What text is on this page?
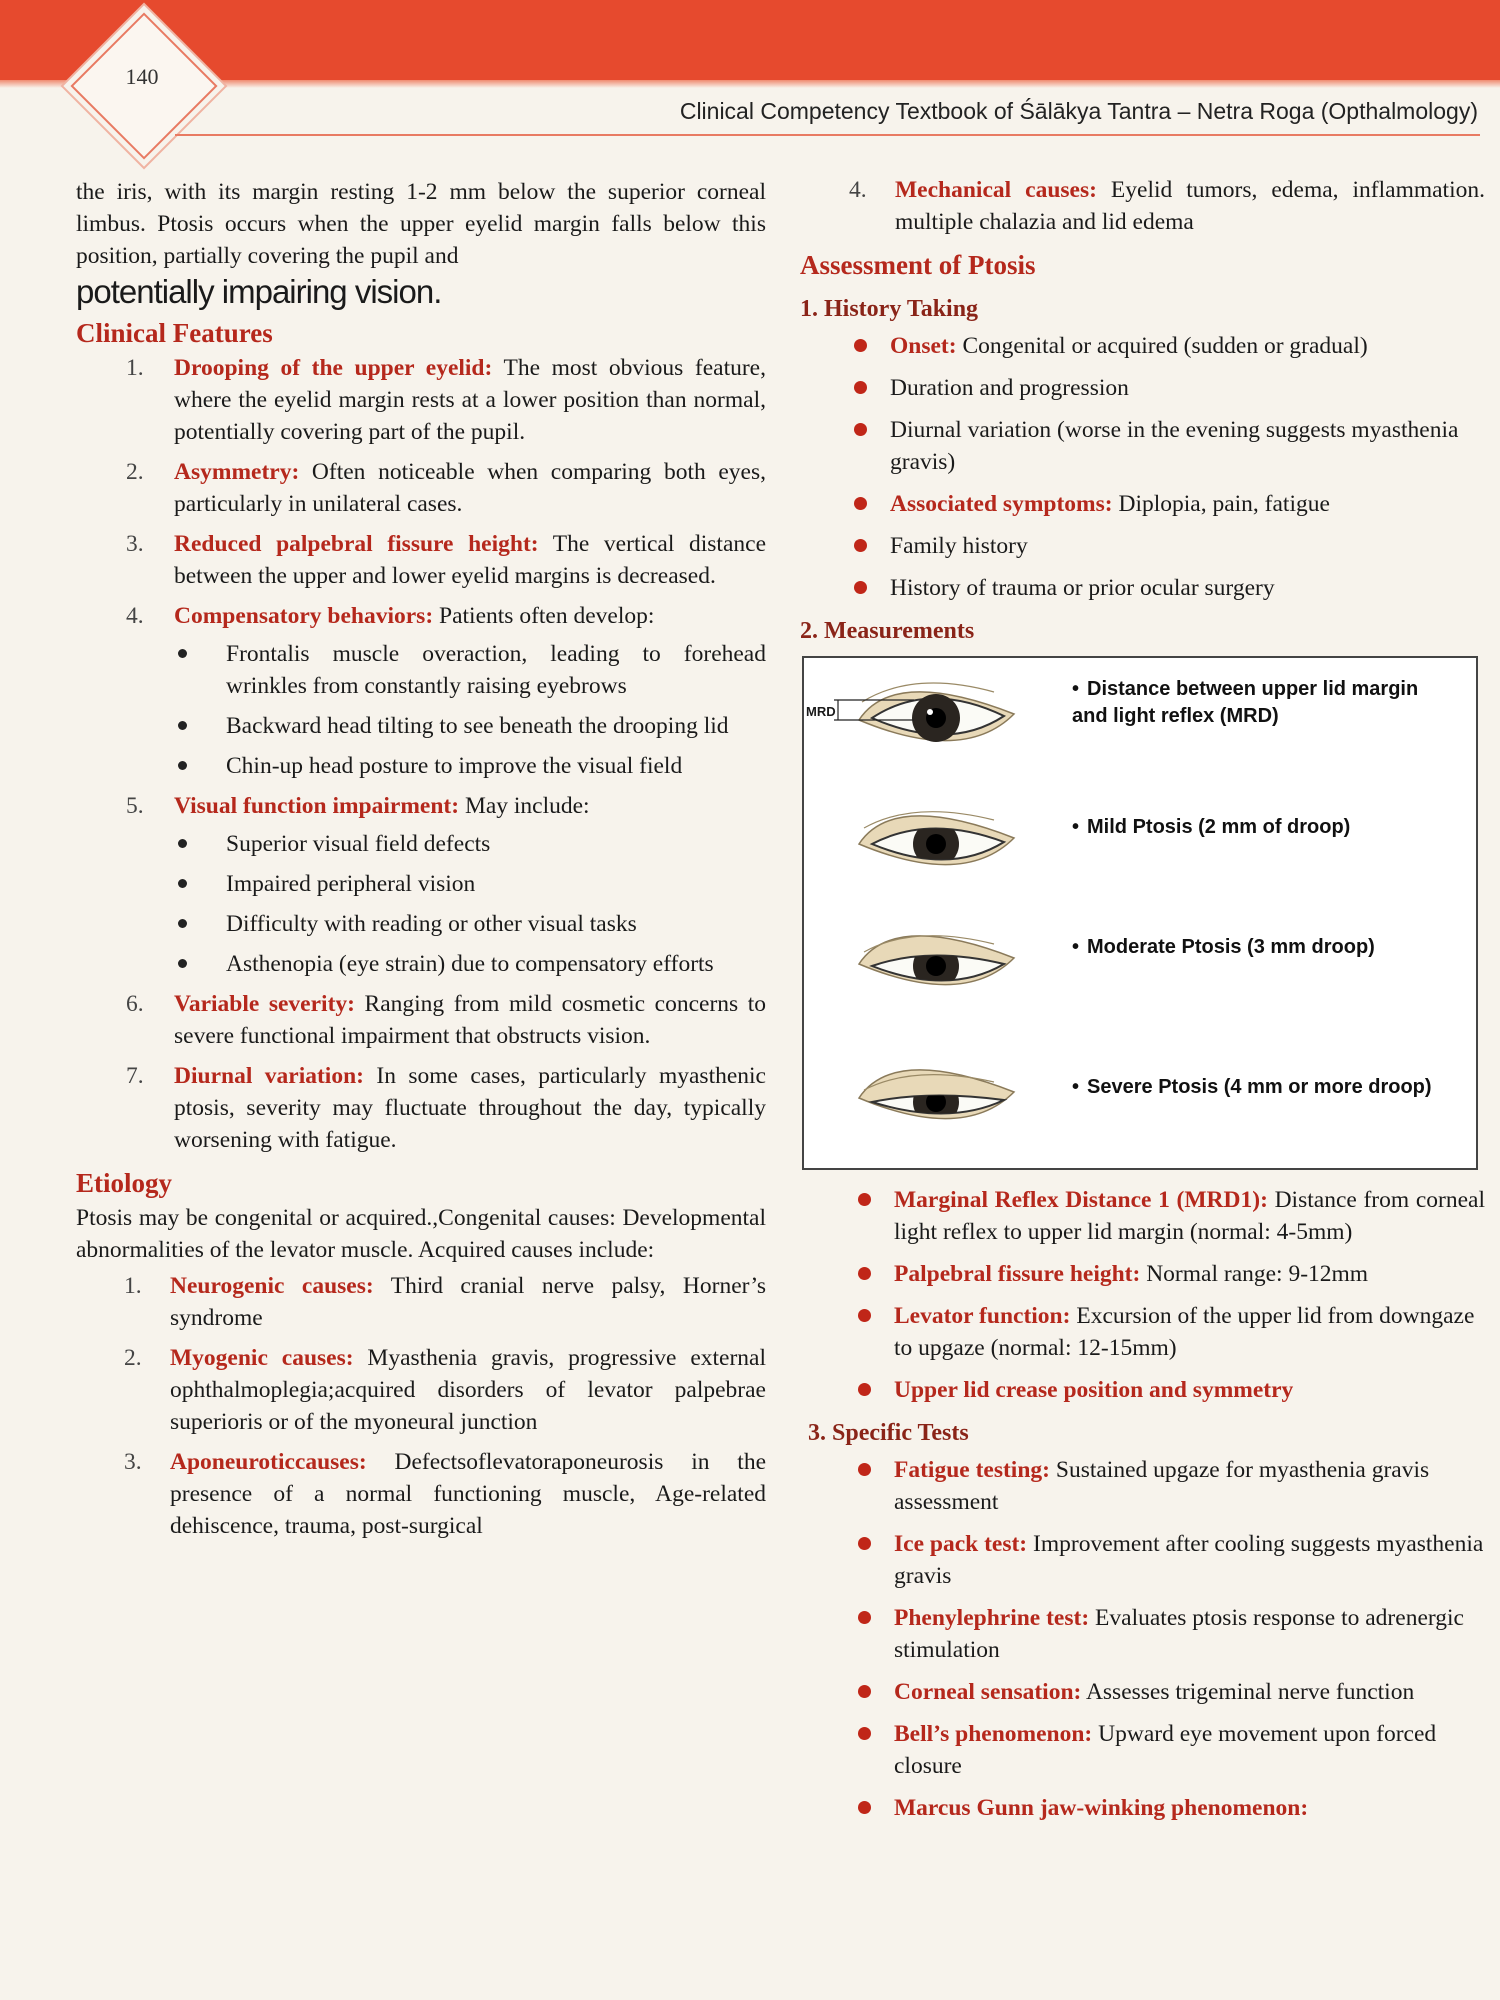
140
Clinical Competency Textbook of Śālākya Tantra – Netra Roga (Opthalmology)

the iris, with its margin resting 1-2 mm below the superior corneal limbus. Ptosis occurs when the upper eyelid margin falls below this position, partially covering the pupil and
potentially impairing vision.

Clinical Features
1. Drooping of the upper eyelid: The most obvious feature, where the eyelid margin rests at a lower position than normal, potentially covering part of the pupil.
2. Asymmetry: Often noticeable when comparing both eyes, particularly in unilateral cases.
3. Reduced palpebral fissure height: The vertical distance between the upper and lower eyelid margins is decreased.
4. Compensatory behaviors: Patients often develop:
Frontalis muscle overaction, leading to forehead wrinkles from constantly raising eyebrows
Backward head tilting to see beneath the drooping lid
Chin-up head posture to improve the visual field
5. Visual function impairment: May include:
Superior visual field defects
Impaired peripheral vision
Difficulty with reading or other visual tasks
Asthenopia (eye strain) due to compensatory efforts
6. Variable severity: Ranging from mild cosmetic concerns to severe functional impairment that obstructs vision.
7. Diurnal variation: In some cases, particularly myasthenic ptosis, severity may fluctuate throughout the day, typically worsening with fatigue.
Etiology

Ptosis may be congenital or acquired.,Congenital causes: Developmental abnormalities of the levator muscle. Acquired causes include:

1. Neurogenic causes: Third cranial nerve palsy, Horner’s syndrome
2. Myogenic causes: Myasthenia gravis, progressive external ophthalmoplegia;acquired disorders of levator palpebrae superioris or of the myoneural junction
3. Aponeuroticcauses: Defectsoflevatoraponeurosis in the presence of a normal functioning muscle, Age-related dehiscence, trauma, post-surgical
4. Mechanical causes: Eyelid tumors, edema, inflammation. multiple chalazia and lid edema
Assessment of Ptosis
1. History Taking
Onset: Congenital or acquired (sudden or gradual)
Duration and progression
Diurnal variation (worse in the evening suggests myasthenia gravis)
Associated symptoms: Diplopia, pain, fatigue
Family history
History of trauma or prior ocular surgery
2. Measurements
MRD
• Distance between upper lid margin and light reflex (MRD)
• Mild Ptosis (2 mm of droop)
• Moderate Ptosis (3 mm droop)
• Severe Ptosis (4 mm or more droop)
Marginal Reflex Distance 1 (MRD1): Distance from corneal light reflex to upper lid margin (normal: 4-5mm)
Palpebral fissure height: Normal range: 9-12mm
Levator function: Excursion of the upper lid from downgaze to upgaze (normal: 12-15mm)
Upper lid crease position and symmetry
3. Specific Tests
Fatigue testing: Sustained upgaze for myasthenia gravis assessment
Ice pack test: Improvement after cooling suggests myasthenia gravis
Phenylephrine test: Evaluates ptosis response to adrenergic stimulation
Corneal sensation: Assesses trigeminal nerve function
Bell’s phenomenon: Upward eye movement upon forced closure
Marcus Gunn jaw-winking phenomenon:
